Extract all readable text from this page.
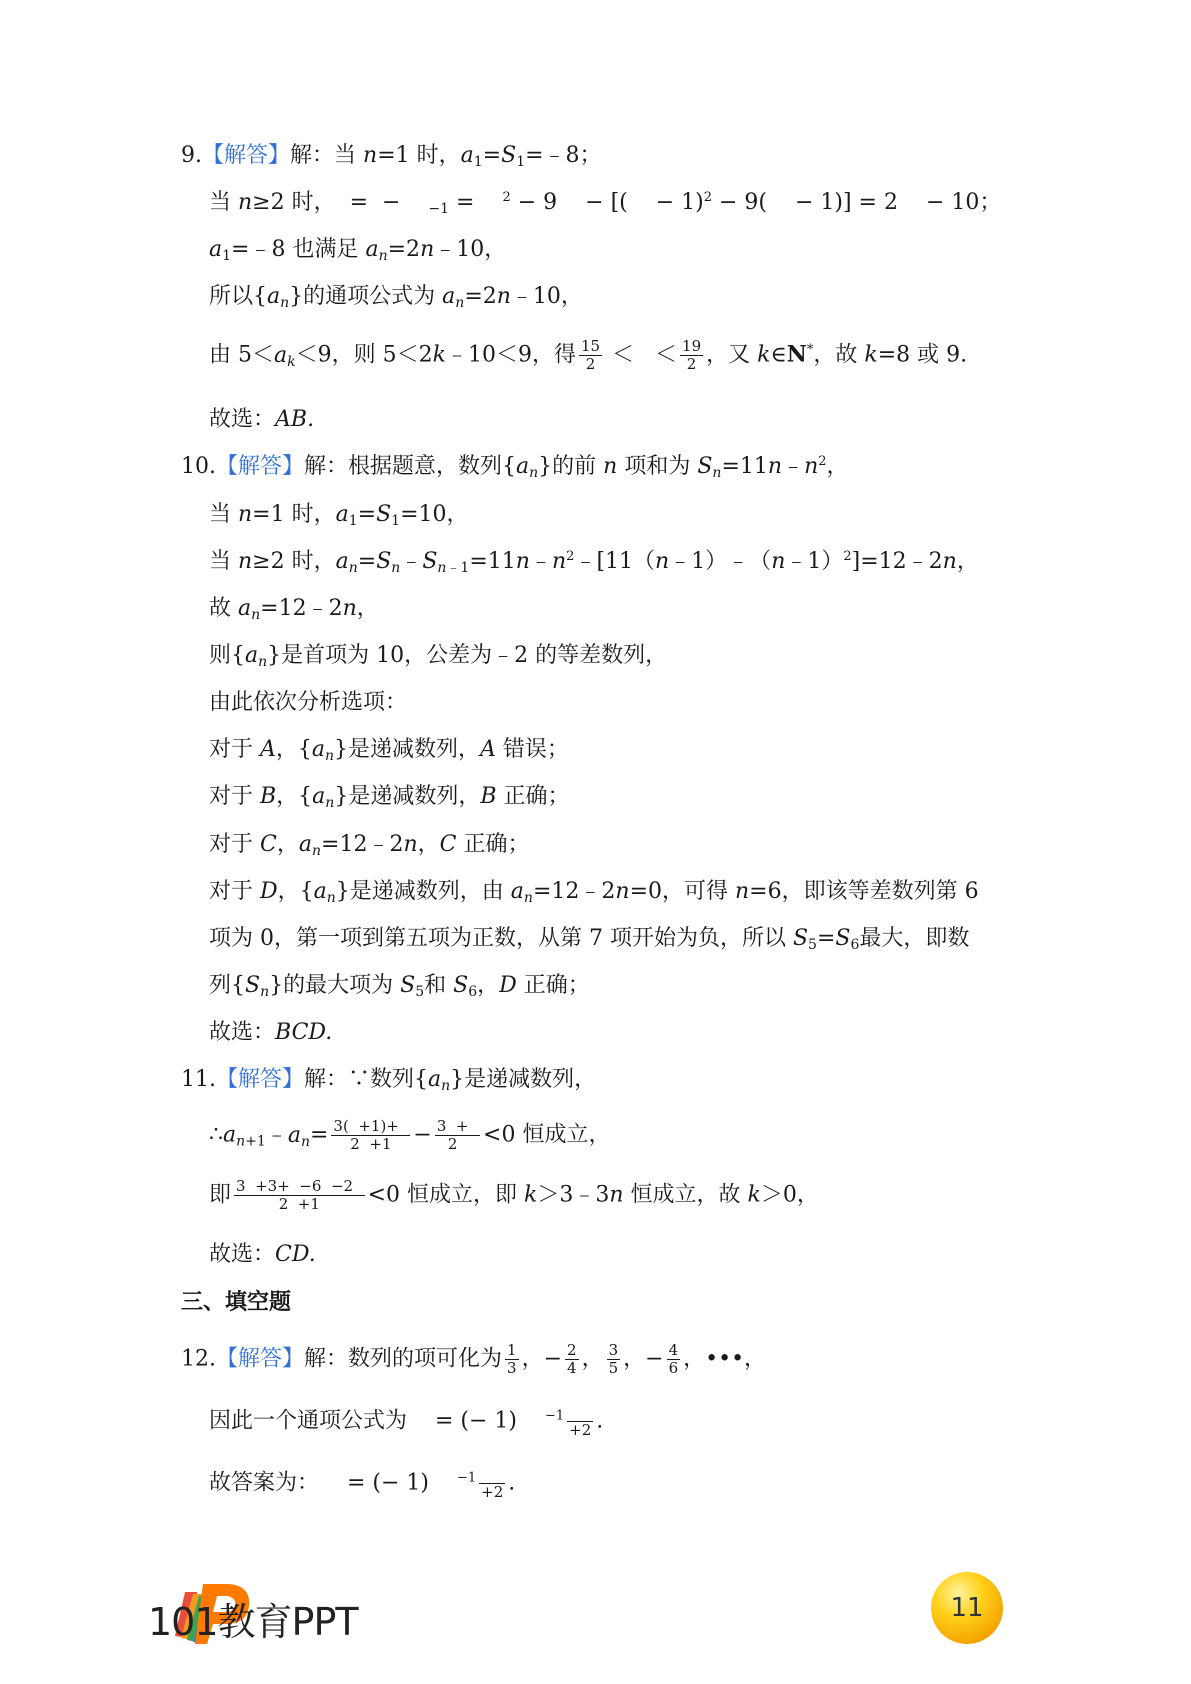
9.【解答】解：当 n=1 时，$a_1=S_1=﹣8$；
当 n≥2 时，  =  −    $_{-1}$ =    $^2$ − 9    − [(    − 1)$^2$ − 9(    − 1)] = 2    − 10；
$a_1=﹣8$ 也满足 $a_n=2n﹣10$，
所以$\{a_n\}$的通项公式为 $a_n=2n﹣10$，
由 $5<a_k<9$，则 5＜2k﹣10＜9，得 $\frac{15}{2}$ ＜   ＜ $\frac{19}{2}$ ，又 k∈N*，故 k=8 或 9.
故选：AB.
10.【解答】解：根据题意，数列$\{a_n\}$的前 n 项和为 $S_n=11n﹣n^2$，
当 n=1 时，$a_1=S_1=10$，
当 n≥2 时，$a_n=S_n﹣S_{n﹣1}=11n﹣n^2﹣[11(n﹣1)﹣(n﹣1)^2]=12﹣2n$，
故 $a_n=12﹣2n$，
则$\{a_n\}$是首项为 10，公差为﹣2 的等差数列，
由此依次分析选项：
对于 A，$\{a_n\}$是递减数列，A 错误；
对于 B，$\{a_n\}$是递减数列，B 正确；
对于 C，$a_n=12﹣2n$，C 正确；
对于 D，$\{a_n\}$是递减数列，由 $a_n=12﹣2n=0$，可得 n=6，即该等差数列第 6
项为 0，第一项到第五项为正数，从第 7 项开始为负，所以 $S_5=S_6$最大，即数
列$\{S_n\}$的最大项为 $S_5$和 $S_6$，D 正确；
故选：BCD.
11.【解答】解：∵数列$\{a_n\}$是递减数列，
$\therefore a_{n+1}﹣a_n= \frac{3( +1)+}{2 +1} - \frac{3 +}{2} <0$ 恒成立，
即 $\frac{3 +3+ -6 -2}{2 +1} <0$ 恒成立，即 k＞3﹣3n 恒成立，故 k＞0，
故选：CD.
三、填空题
12.【解答】解：数列的项可化为 $\frac{1}{3}$ ，− $\frac{2}{4}$ ， $\frac{3}{5}$ ，− $\frac{4}{6}$ ，•••，
因此一个通项公式为    = (− 1)    $^{-1}$
+2 .
故答案为：    = (− 1)    $^{-1}$
+2 .
101教育PPT	11
